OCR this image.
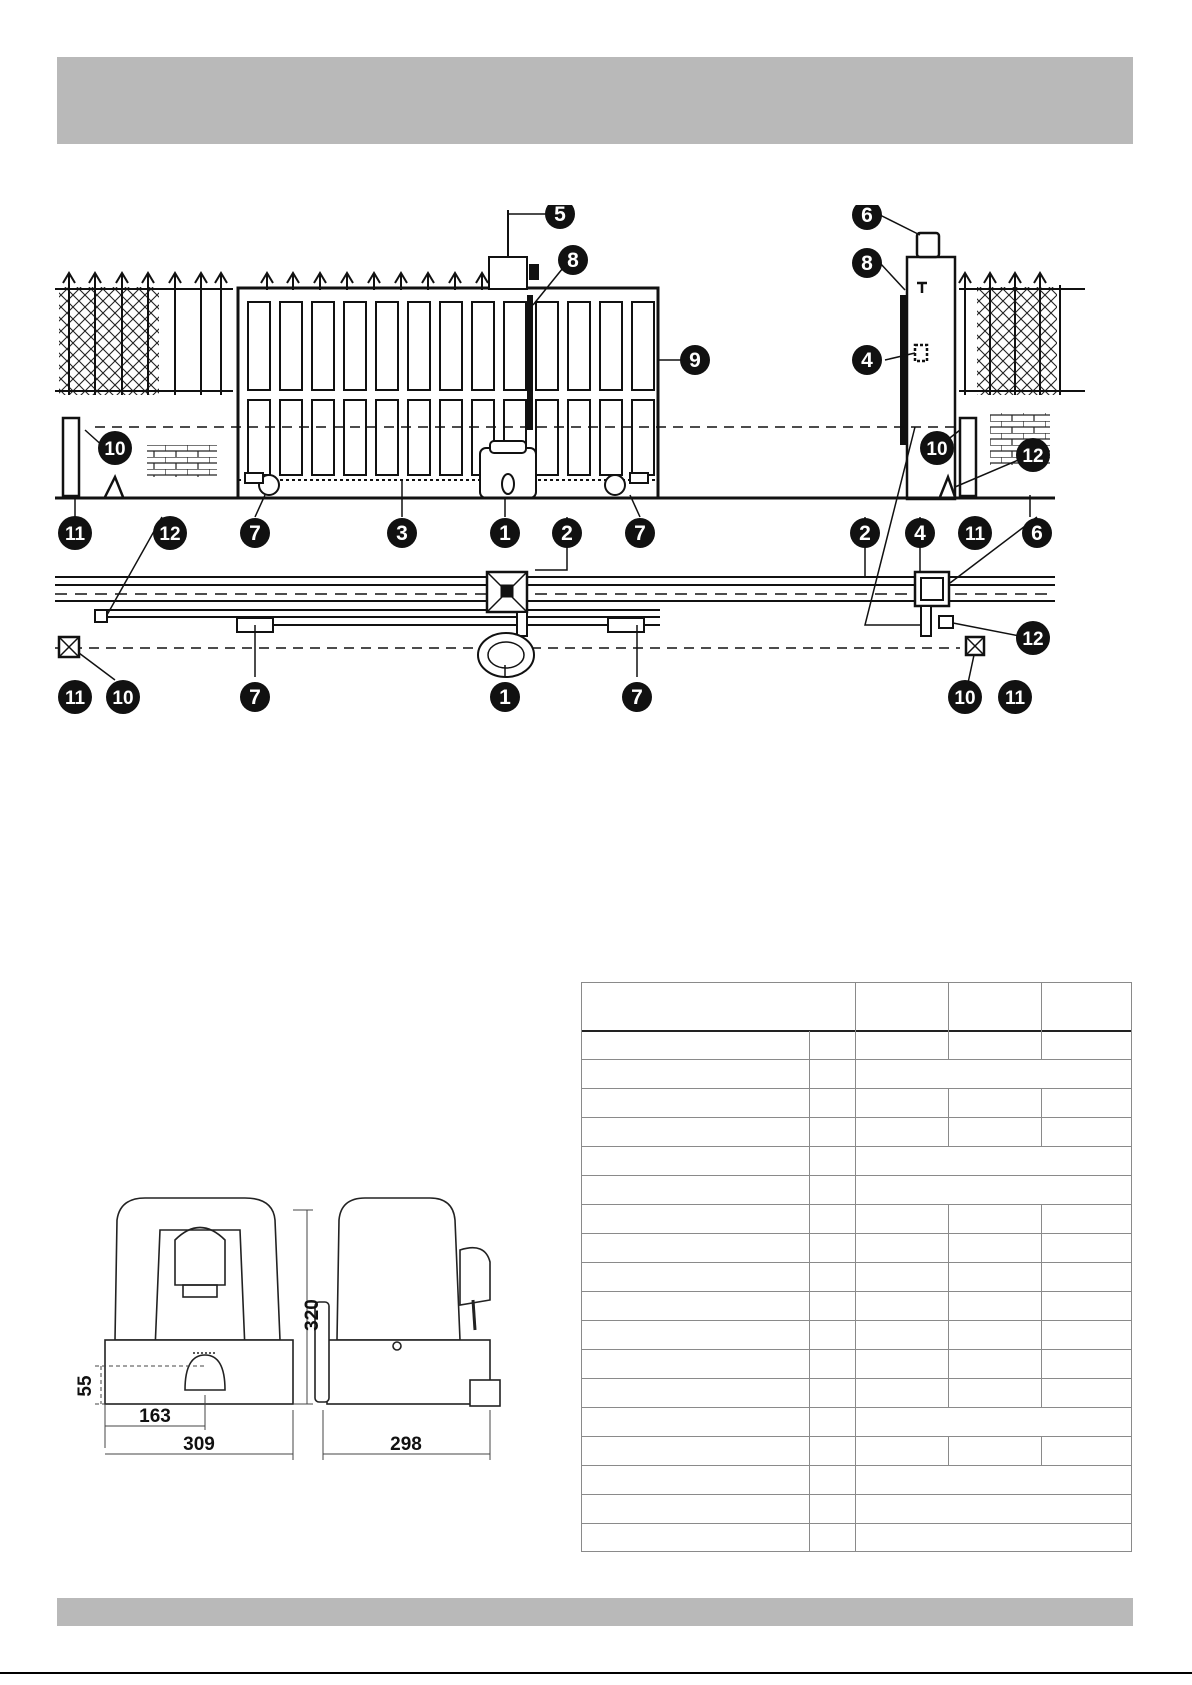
5
8
9
6
8
4
10	10	12
11	12	7	3	1 2	7	2 4 11 6
12
11 10	7	1	7	10 11
320
55
163
309	298
